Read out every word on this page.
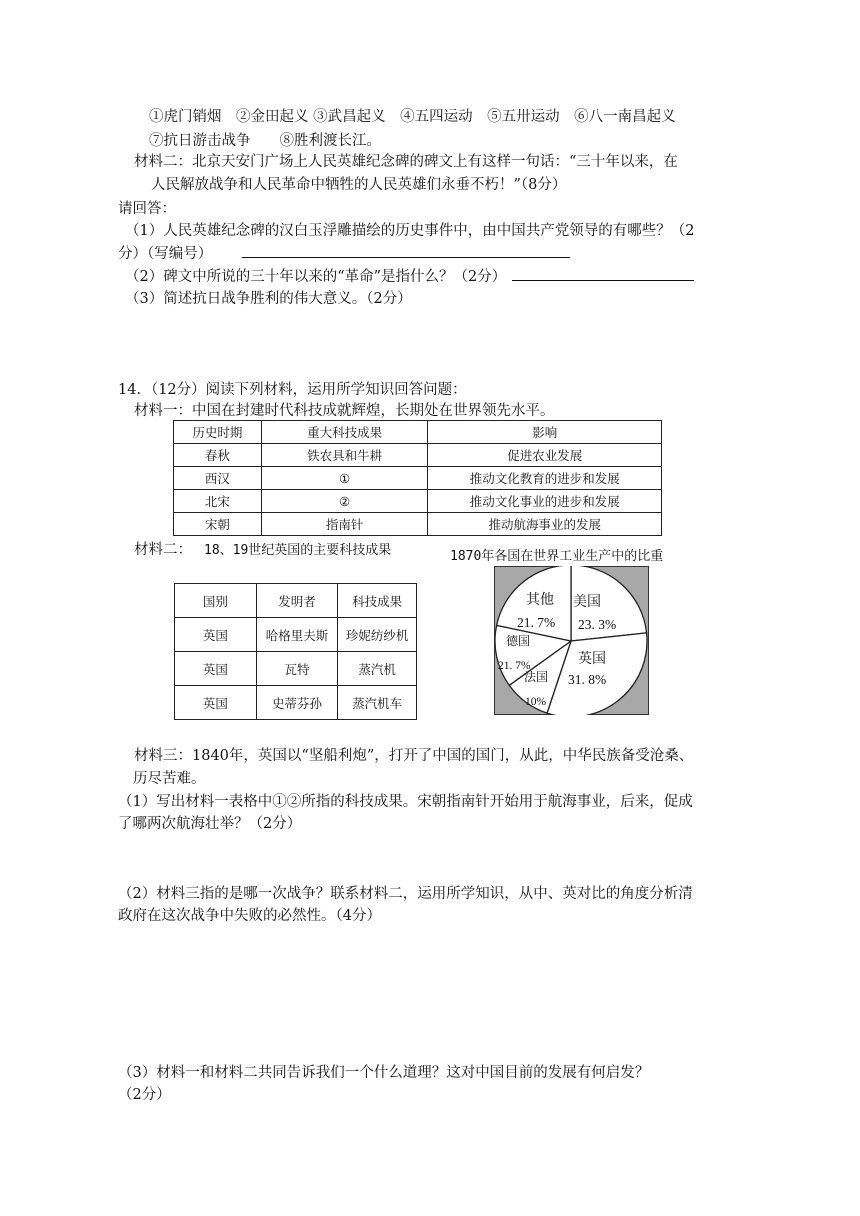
①虎门销烟　②金田起义 ③武昌起义　④五四运动　⑤五卅运动　⑥八一南昌起义
⑦抗日游击战争　　⑧胜利渡长江。
材料二：北京天安门广场上人民英雄纪念碑的碑文上有这样一句话：“三十年以来，在
人民解放战争和人民革命中牺牲的人民英雄们永垂不朽！”（8分）
请回答：
（1）人民英雄纪念碑的汉白玉浮雕描绘的历史事件中，由中国共产党领导的有哪些？（2
分）（写编号）
（2）碑文中所说的三十年以来的“革命”是指什么？（2分）
（3）简述抗日战争胜利的伟大意义。（2分）
14．（12分）阅读下列材料，运用所学知识回答问题：
材料一：中国在封建时代科技成就辉煌，长期处在世界领先水平。
历史时期	重大科技成果	影响
春秋	铁农具和牛耕	促进农业发展
西汉	①	推动文化教育的进步和发展
北宋	②	推动文化事业的进步和发展
宋朝	指南针	推动航海事业的发展
材料二： 18、19世纪英国的主要科技成果
国别	发明者	科技成果
英国	哈格里夫斯	珍妮纺纱机
英国	瓦特	蒸汽机
英国	史蒂芬孙	蒸汽机车
1870年各国在世界工业生产中的比重
美国
23. 3%
英国
31. 8%
法国
10%
德国
21. 7%
其他
21. 7%
材料三：1840年，英国以“坚船利炮”，打开了中国的国门，从此，中华民族备受沧桑、
历尽苦难。
（1）写出材料一表格中①②所指的科技成果。宋朝指南针开始用于航海事业，后来，促成
了哪两次航海壮举？（2分）
（2）材料三指的是哪一次战争？联系材料二，运用所学知识，从中、英对比的角度分析清
政府在这次战争中失败的必然性。（4分）
（3）材料一和材料二共同告诉我们一个什么道理？这对中国目前的发展有何启发？
（2分）
